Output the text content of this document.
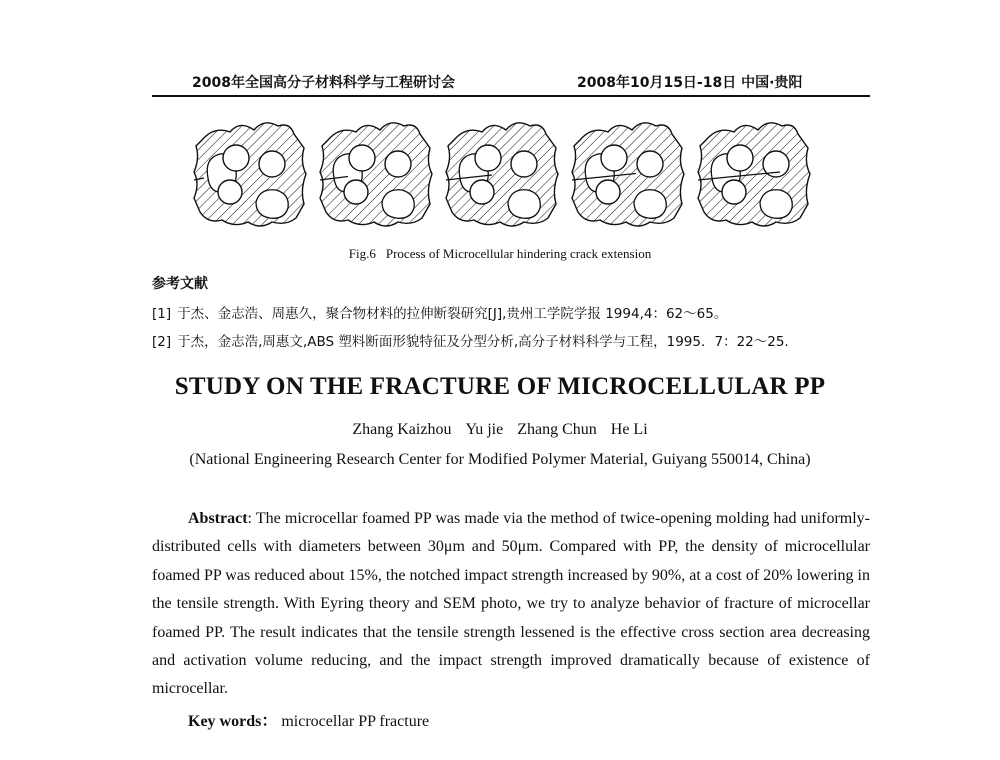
2008年全国高分子材料科学与工程研讨会	2008年10月15日-18日 中国·贵阳
Fig.6 Process of Microcellular hindering crack extension
参考文献
[1] 于杰、金志浩、周惠久，聚合物材料的拉伸断裂研究[J],贵州工学院学报 1994,4：62～65。
[2] 于杰，金志浩,周惠文,ABS 塑料断面形貌特征及分型分析,高分子材料科学与工程，1995．7：22～25.
STUDY ON THE FRACTURE OF MICROCELLULAR PP
Zhang Kaizhou Yu jie Zhang Chun He Li
(National Engineering Research Center for Modified Polymer Material, Guiyang 550014, China)

Abstract: The microcellar foamed PP was made via the method of twice-opening molding had uniformly-distributed cells with diameters between 30μm and 50μm. Compared with PP, the density of microcellular foamed PP was reduced about 15%, the notched impact strength increased by 90%, at a cost of 20% lowering in the tensile strength. With Eyring theory and SEM photo, we try to analyze behavior of fracture of microcellar foamed PP. The result indicates that the tensile strength lessened is the effective cross section area decreasing and activation volume reducing, and the impact strength improved dramatically because of existence of microcellar.

Key words： microcellar PP fracture
